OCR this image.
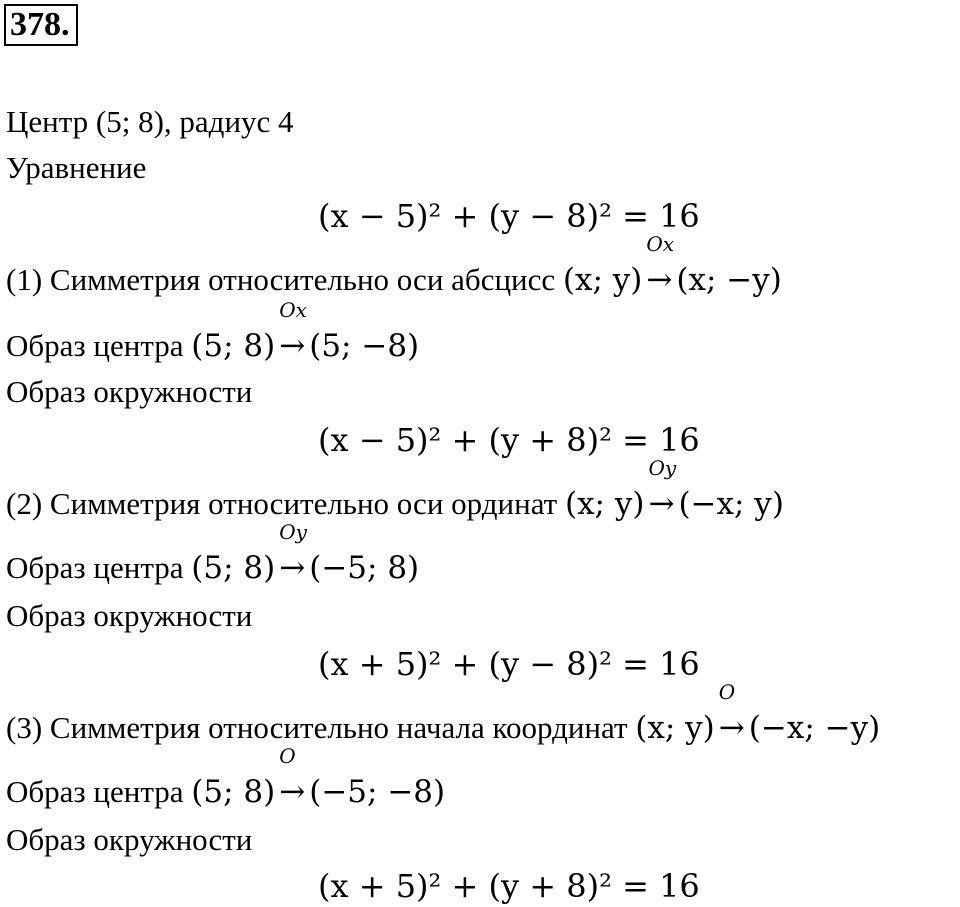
378.
Центр (5; 8), радиус 4
Уравнение
(x − 5)² + (y − 8)² = 16
(1) Симметрия относительно оси абсцисс (x; y) →
Ox
(x; −y)
Образ центра (5; 8) →
Ox
(5; −8)
Образ окружности
(x − 5)² + (y + 8)² = 16
(2) Симметрия относительно оси ординат (x; y) →
Oy
(−x; y)
Образ центра (5; 8) →
Oy
(−5; 8)
Образ окружности
(x + 5)² + (y − 8)² = 16
(3) Симметрия относительно начала координат (x; y) →
O
(−x; −y)
Образ центра (5; 8) →
O
(−5; −8)
Образ окружности
(x + 5)² + (y + 8)² = 16
